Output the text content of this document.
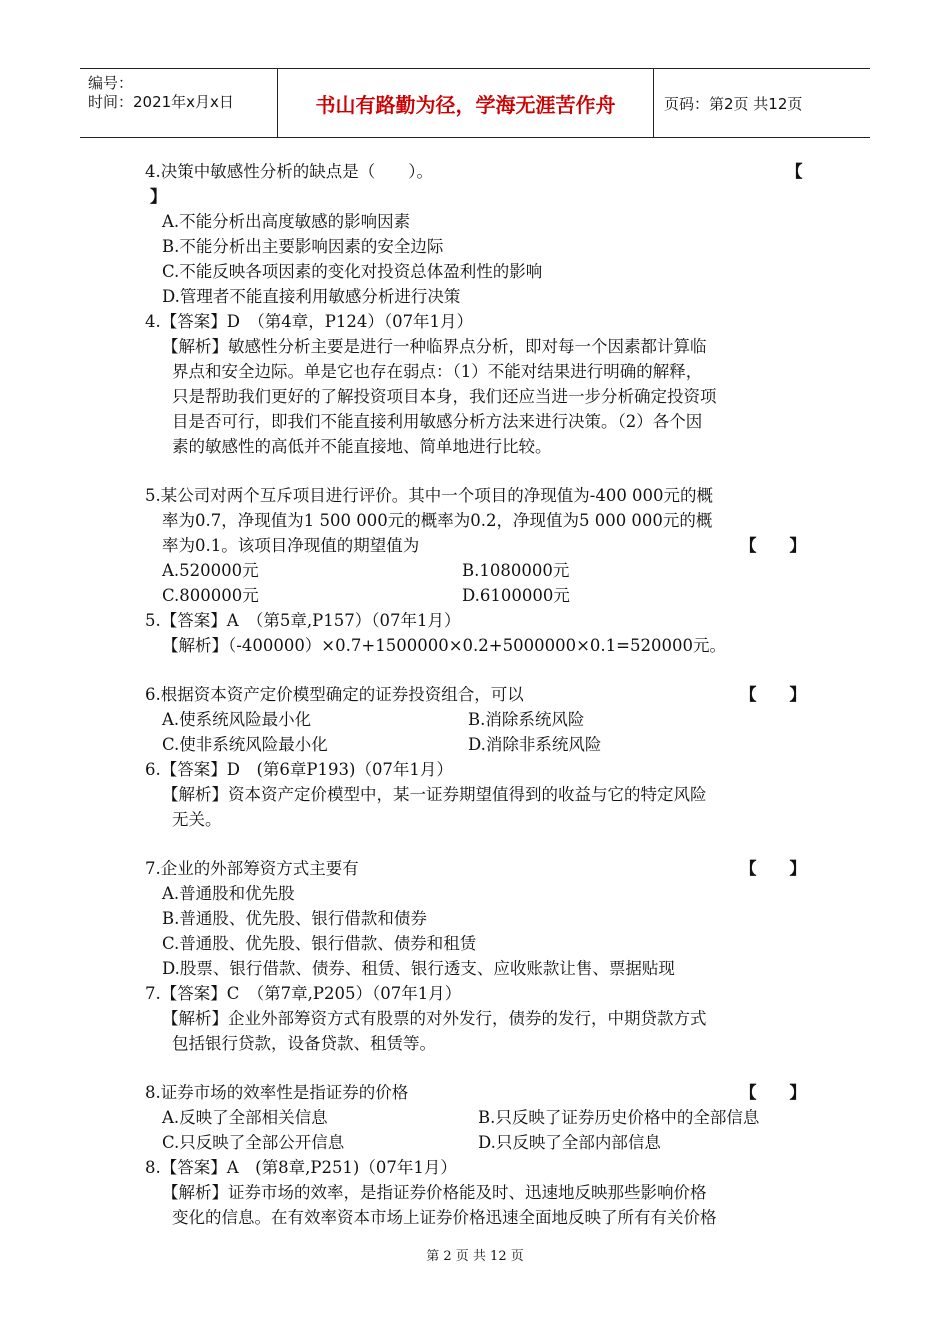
编号：
时间：2021年x月x日	书山有路勤为径，学海无涯苦作舟	页码：第2页 共12页
4.决策中敏感性分析的缺点是（　　）。	【
】
A.不能分析出高度敏感的影响因素
B.不能分析出主要影响因素的安全边际
C.不能反映各项因素的变化对投资总体盈利性的影响
D.管理者不能直接利用敏感分析进行决策
4.【答案】D　（第4章，P124）（07年1月）
【解析】敏感性分析主要是进行一种临界点分析，即对每一个因素都计算临
界点和安全边际。单是它也存在弱点：（1）不能对结果进行明确的解释，
只是帮助我们更好的了解投资项目本身，我们还应当进一步分析确定投资项
目是否可行，即我们不能直接利用敏感分析方法来进行决策。（2）各个因
素的敏感性的高低并不能直接地、简单地进行比较。
5.某公司对两个互斥项目进行评价。其中一个项目的净现值为-400 000元的概
率为0.7，净现值为1 500 000元的概率为0.2，净现值为5 000 000元的概
率为0.1。该项目净现值的期望值为	【　　】
A.520000元	B.1080000元
C.800000元	D.6100000元
5.【答案】A　（第5章,P157）（07年1月）
【解析】（-400000）×0.7+1500000×0.2+5000000×0.1=520000元。
6.根据资本资产定价模型确定的证券投资组合，可以	【　　】
A.使系统风险最小化	B.消除系统风险
C.使非系统风险最小化	D.消除非系统风险
6.【答案】D　(第6章P193)（07年1月）
【解析】资本资产定价模型中，某一证券期望值得到的收益与它的特定风险
无关。
7.企业的外部筹资方式主要有	【　　】
A.普通股和优先股
B.普通股、优先股、银行借款和债券
C.普通股、优先股、银行借款、债券和租赁
D.股票、银行借款、债券、租赁、银行透支、应收账款让售、票据贴现
7.【答案】C　（第7章,P205）（07年1月）
【解析】企业外部筹资方式有股票的对外发行，债券的发行，中期贷款方式
包括银行贷款，设备贷款、租赁等。
8.证券市场的效率性是指证券的价格	【　　】
A.反映了全部相关信息	B.只反映了证券历史价格中的全部信息
C.只反映了全部公开信息	D.只反映了全部内部信息
8.【答案】A　(第8章,P251)（07年1月）
【解析】证券市场的效率，是指证券价格能及时、迅速地反映那些影响价格
变化的信息。在有效率资本市场上证券价格迅速全面地反映了所有有关价格
第 2 页 共 12 页
